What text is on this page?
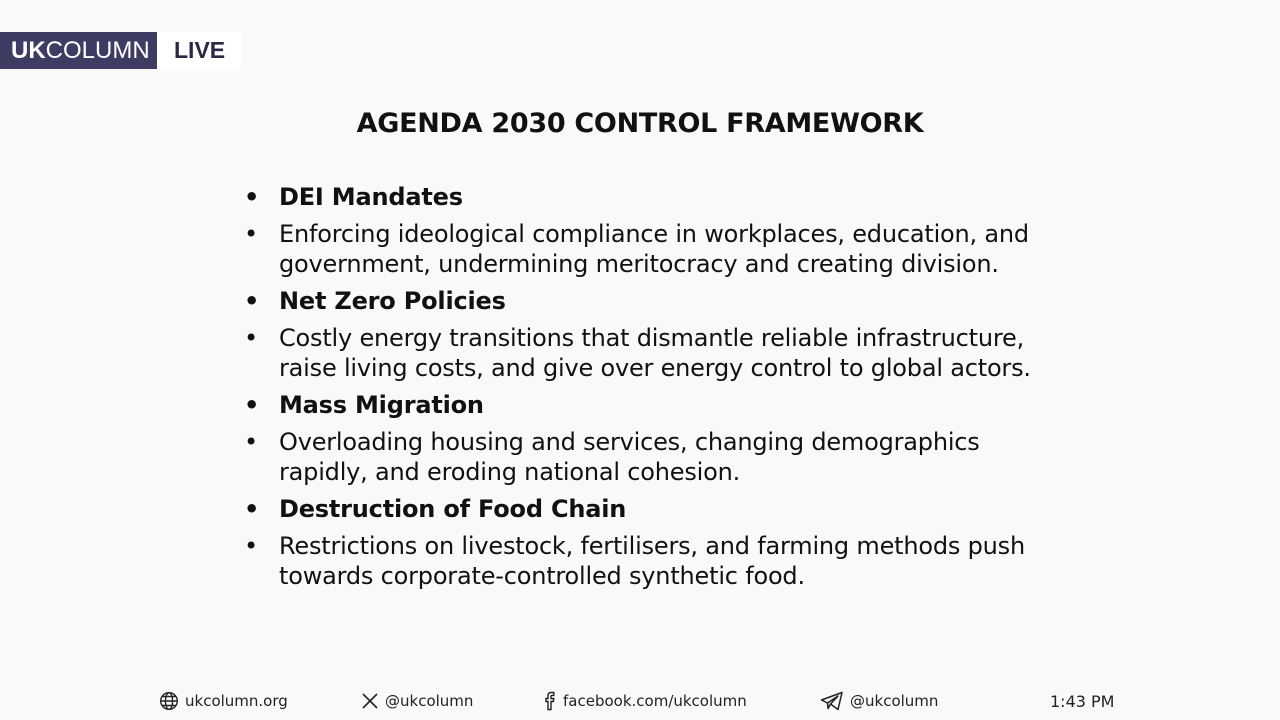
UK COLUMN	LIVE
AGENDA 2030 CONTROL FRAMEWORK
• DEI Mandates
• Enforcing ideological compliance in workplaces, education, and government, undermining meritocracy and creating division.
• Net Zero Policies
• Costly energy transitions that dismantle reliable infrastructure, raise living costs, and give over energy control to global actors.
• Mass Migration
• Overloading housing and services, changing demographics rapidly, and eroding national cohesion.
• Destruction of Food Chain
• Restrictions on livestock, fertilisers, and farming methods push towards corporate-controlled synthetic food.
ukcolumn.org	@ukcolumn	facebook.com/ukcolumn	@ukcolumn	1:43 PM
